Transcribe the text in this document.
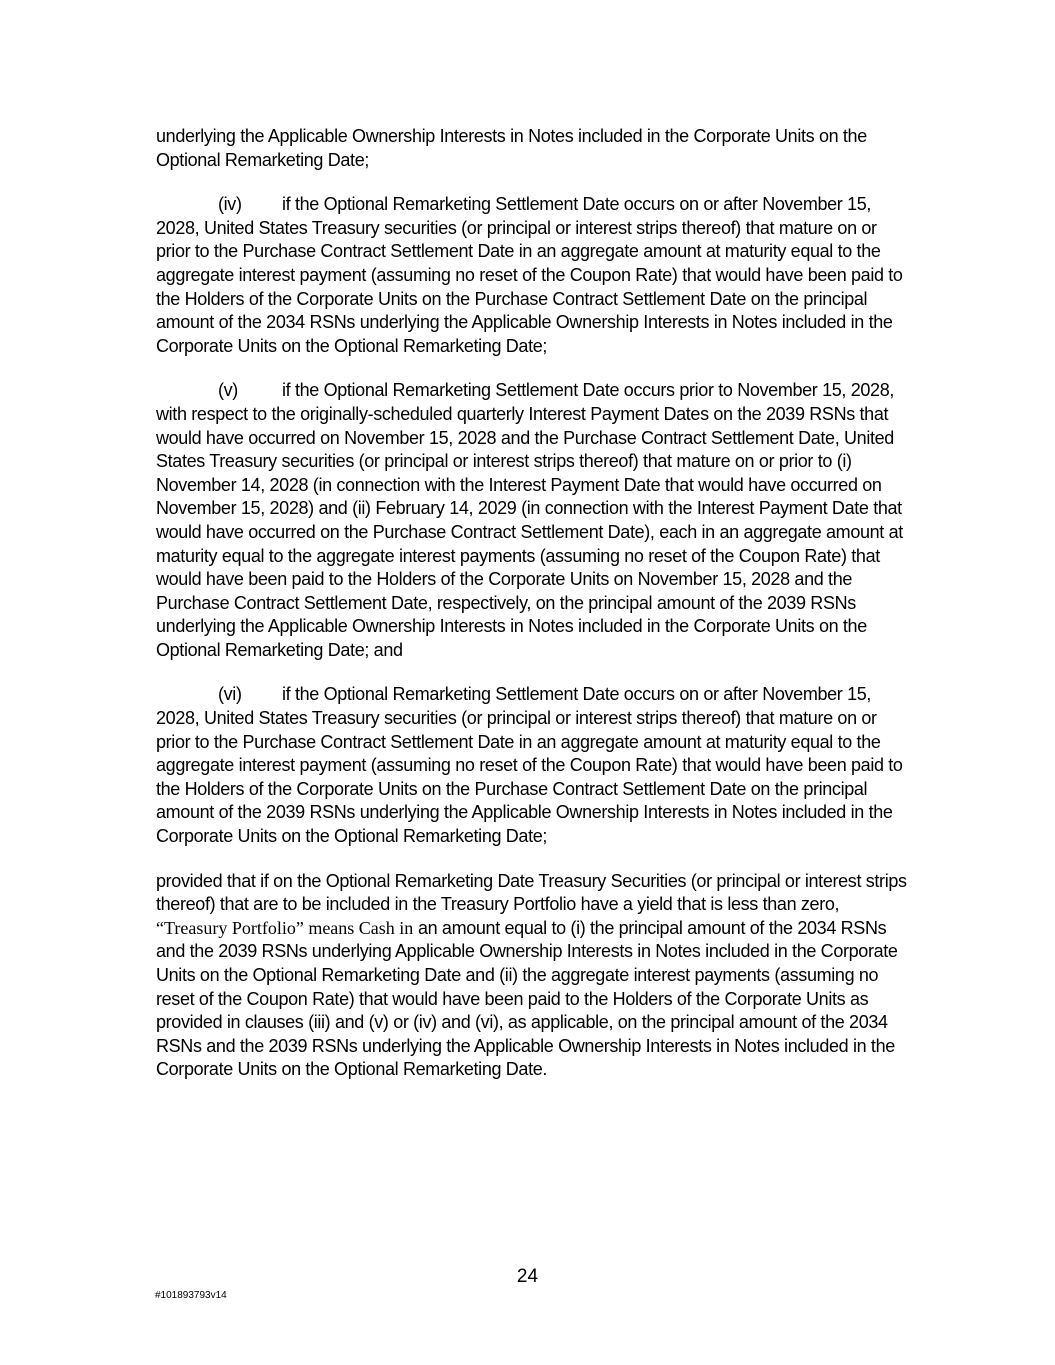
underlying the Applicable Ownership Interests in Notes included in the Corporate Units on the Optional Remarketing Date;

(iv) if the Optional Remarketing Settlement Date occurs on or after November 15, 2028, United States Treasury securities (or principal or interest strips thereof) that mature on or prior to the Purchase Contract Settlement Date in an aggregate amount at maturity equal to the aggregate interest payment (assuming no reset of the Coupon Rate) that would have been paid to the Holders of the Corporate Units on the Purchase Contract Settlement Date on the principal amount of the 2034 RSNs underlying the Applicable Ownership Interests in Notes included in the Corporate Units on the Optional Remarketing Date;

(v) if the Optional Remarketing Settlement Date occurs prior to November 15, 2028, with respect to the originally-scheduled quarterly Interest Payment Dates on the 2039 RSNs that would have occurred on November 15, 2028 and the Purchase Contract Settlement Date, United States Treasury securities (or principal or interest strips thereof) that mature on or prior to (i) November 14, 2028 (in connection with the Interest Payment Date that would have occurred on November 15, 2028) and (ii) February 14, 2029 (in connection with the Interest Payment Date that would have occurred on the Purchase Contract Settlement Date), each in an aggregate amount at maturity equal to the aggregate interest payments (assuming no reset of the Coupon Rate) that would have been paid to the Holders of the Corporate Units on November 15, 2028 and the Purchase Contract Settlement Date, respectively, on the principal amount of the 2039 RSNs underlying the Applicable Ownership Interests in Notes included in the Corporate Units on the Optional Remarketing Date; and

(vi) if the Optional Remarketing Settlement Date occurs on or after November 15, 2028, United States Treasury securities (or principal or interest strips thereof) that mature on or prior to the Purchase Contract Settlement Date in an aggregate amount at maturity equal to the aggregate interest payment (assuming no reset of the Coupon Rate) that would have been paid to the Holders of the Corporate Units on the Purchase Contract Settlement Date on the principal amount of the 2039 RSNs underlying the Applicable Ownership Interests in Notes included in the Corporate Units on the Optional Remarketing Date;

provided that if on the Optional Remarketing Date Treasury Securities (or principal or interest strips thereof) that are to be included in the Treasury Portfolio have a yield that is less than zero, “Treasury Portfolio” means Cash in an amount equal to (i) the principal amount of the 2034 RSNs and the 2039 RSNs underlying Applicable Ownership Interests in Notes included in the Corporate Units on the Optional Remarketing Date and (ii) the aggregate interest payments (assuming no reset of the Coupon Rate) that would have been paid to the Holders of the Corporate Units as provided in clauses (iii) and (v) or (iv) and (vi), as applicable, on the principal amount of the 2034 RSNs and the 2039 RSNs underlying the Applicable Ownership Interests in Notes included in the Corporate Units on the Optional Remarketing Date.

24
#101893793v14
